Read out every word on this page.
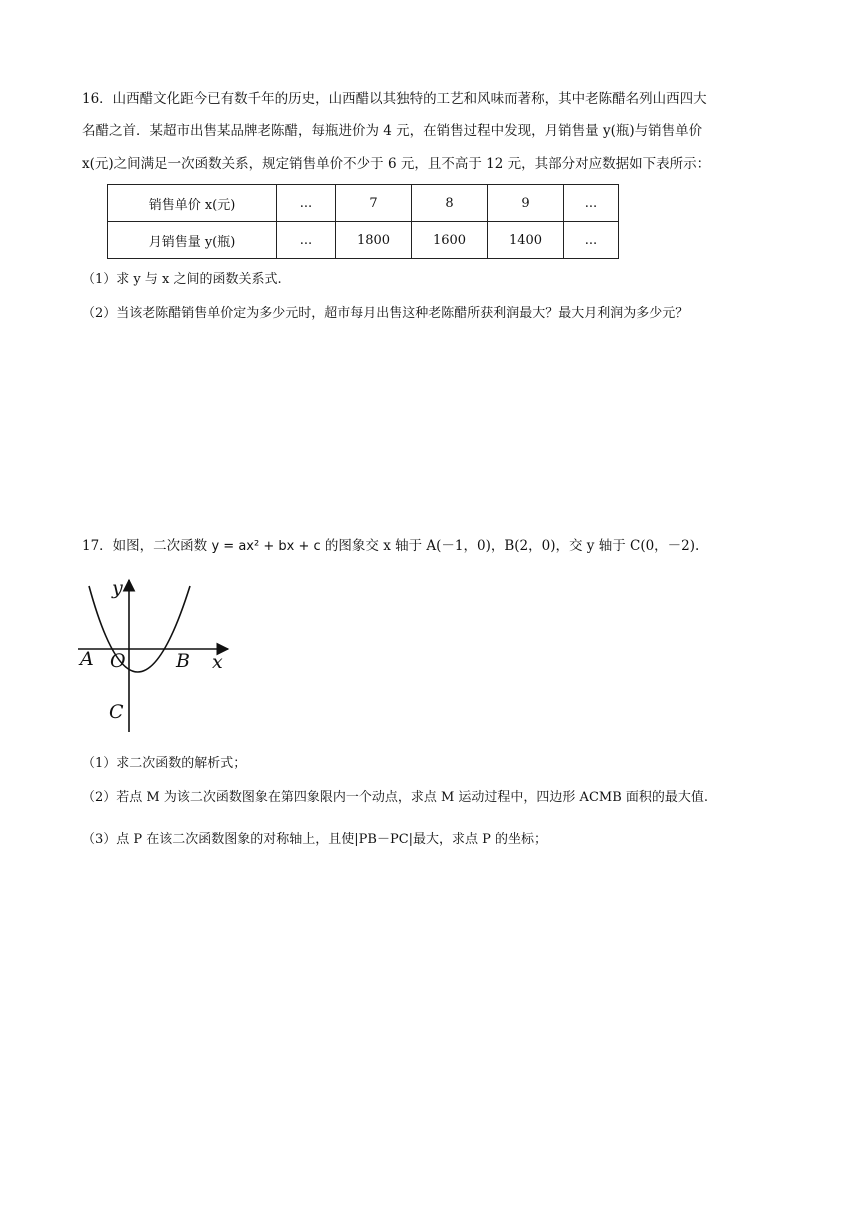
16．山西醋文化距今已有数千年的历史，山西醋以其独特的工艺和风味而著称，其中老陈醋名列山西四大
名醋之首．某超市出售某品牌老陈醋，每瓶进价为 4 元，在销售过程中发现，月销售量 y(瓶)与销售单价
x(元)之间满足一次函数关系，规定销售单价不少于 6 元，且不高于 12 元，其部分对应数据如下表所示：
销售单价 x(元)	...	7	8	9	...
月销售量 y(瓶)	...	1800	1600	1400	...
（1）求 y 与 x 之间的函数关系式.
（2）当该老陈醋销售单价定为多少元时，超市每月出售这种老陈醋所获利润最大？最大月利润为多少元？
17．如图，二次函数 y = ax² + bx + c 的图象交 x 轴于 A(－1，0)，B(2，0)，交 y 轴于 C(0，－2).
y
x
A O	B
C
（1）求二次函数的解析式；
（2）若点 M 为该二次函数图象在第四象限内一个动点，求点 M 运动过程中，四边形 ACMB 面积的最大值.
（3）点 P 在该二次函数图象的对称轴上，且使|PB－PC|最大，求点 P 的坐标；
